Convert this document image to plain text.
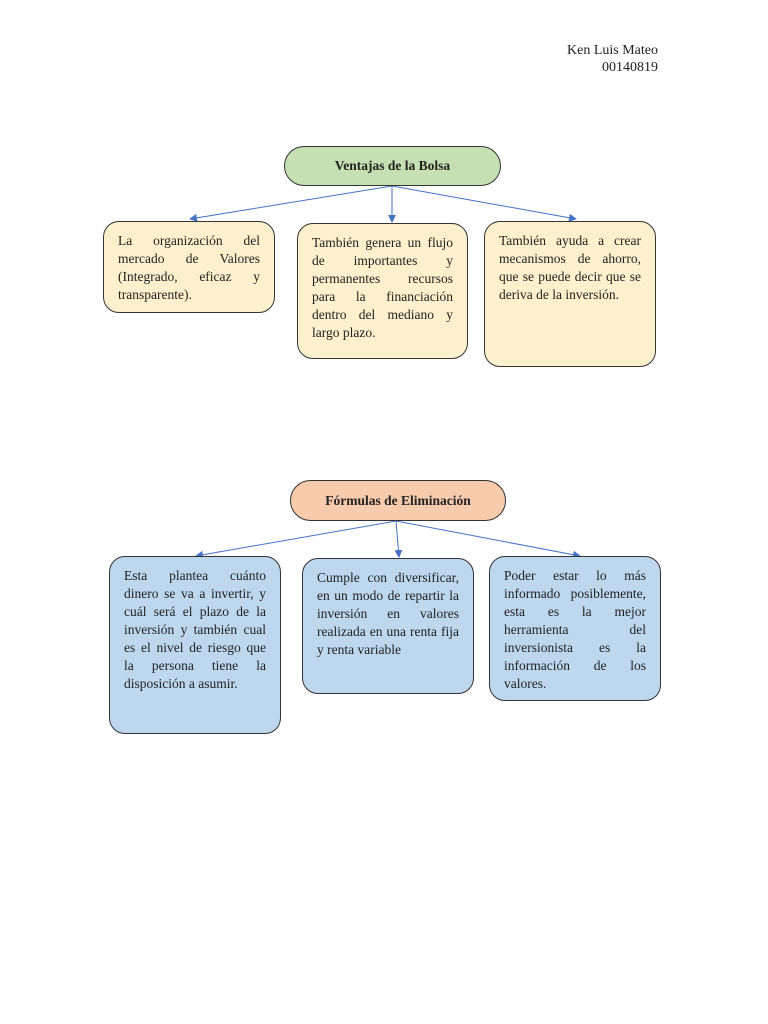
Ken Luis Mateo
00140819
Ventajas de la Bolsa
La organización del mercado de Valores (Integrado, eficaz y transparente).
También genera un flujo de importantes y permanentes recursos para la financiación dentro del mediano y largo plazo.
También ayuda a crear mecanismos de ahorro, que se puede decir que se deriva de la inversión.
Fórmulas de Eliminación
Esta plantea cuánto dinero se va a invertir, y cuál será el plazo de la inversión y también cual es el nivel de riesgo que la persona tiene la disposición a asumir.
Cumple con diversificar, en un modo de repartir la inversión en valores realizada en una renta fija y renta variable
Poder estar lo más informado posiblemente, esta es la mejor herramienta del inversionista es la información de los valores.
